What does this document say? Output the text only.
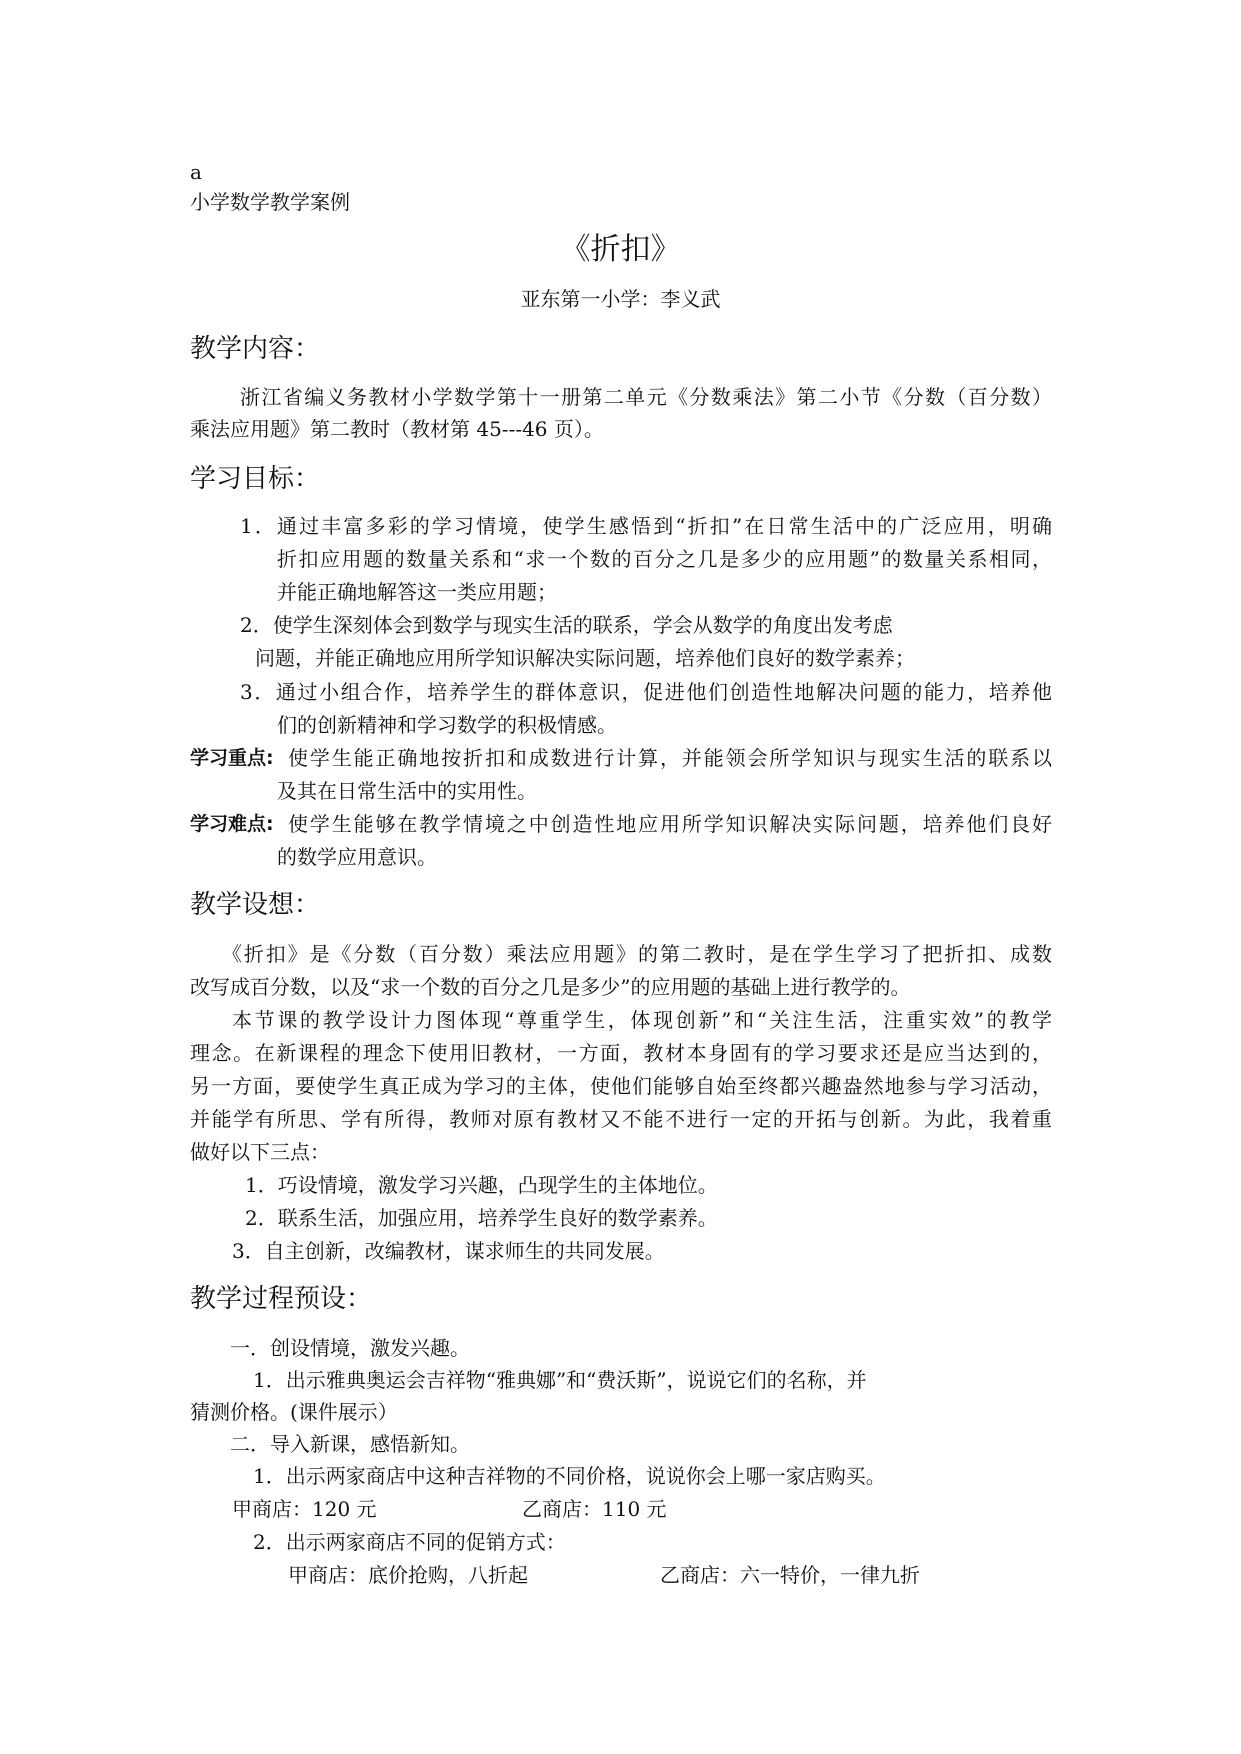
a
小学数学教学案例
《折扣》
亚东第一小学：李义武
教学内容：
浙江省编义务教材小学数学第十一册第二单元《分数乘法》第二小节《分数（百分数）
乘法应用题》第二教时（教材第 45---46 页）。
学习目标：
1．通过丰富多彩的学习情境，使学生感悟到“折扣”在日常生活中的广泛应用，明确
折扣应用题的数量关系和“求一个数的百分之几是多少的应用题”的数量关系相同，
并能正确地解答这一类应用题；
2．使学生深刻体会到数学与现实生活的联系，学会从数学的角度出发考虑
问题，并能正确地应用所学知识解决实际问题，培养他们良好的数学素养；
3．通过小组合作，培养学生的群体意识，促进他们创造性地解决问题的能力，培养他
们的创新精神和学习数学的积极情感。
学习重点: 使学生能正确地按折扣和成数进行计算，并能领会所学知识与现实生活的联系以
及其在日常生活中的实用性。
学习难点: 使学生能够在教学情境之中创造性地应用所学知识解决实际问题，培养他们良好
的数学应用意识。
教学设想：
《折扣》是《分数（百分数）乘法应用题》的第二教时，是在学生学习了把折扣、成数
改写成百分数，以及“求一个数的百分之几是多少”的应用题的基础上进行教学的。
本节课的教学设计力图体现“尊重学生，体现创新”和“关注生活，注重实效”的教学
理念。在新课程的理念下使用旧教材，一方面，教材本身固有的学习要求还是应当达到的，
另一方面，要使学生真正成为学习的主体，使他们能够自始至终都兴趣盎然地参与学习活动，
并能学有所思、学有所得，教师对原有教材又不能不进行一定的开拓与创新。为此，我着重
做好以下三点：
1．巧设情境，激发学习兴趣，凸现学生的主体地位。
2．联系生活，加强应用，培养学生良好的数学素养。
3．自主创新，改编教材，谋求师生的共同发展。
教学过程预设：
一．创设情境，激发兴趣。
1．出示雅典奥运会吉祥物“雅典娜”和“费沃斯”，说说它们的名称，并
猜测价格。(课件展示）
二．导入新课，感悟新知。
1．出示两家商店中这种吉祥物的不同价格，说说你会上哪一家店购买。
甲商店：120 元	乙商店：110 元
2．出示两家商店不同的促销方式：
甲商店：底价抢购，八折起	乙商店：六一特价，一律九折
